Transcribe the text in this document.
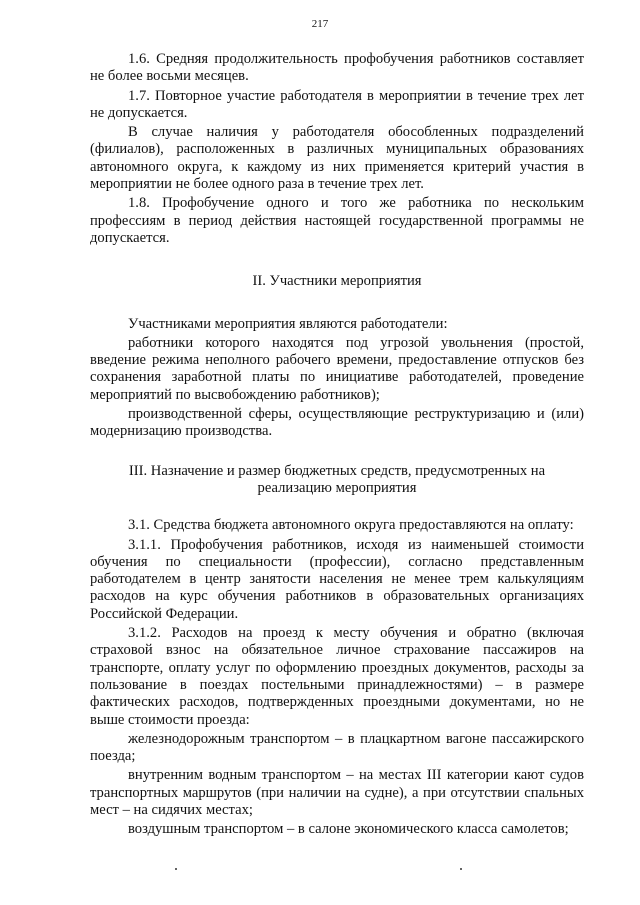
217

1.6. Средняя продолжительность профобучения работников составляет не более восьми месяцев.

1.7. Повторное участие работодателя в мероприятии в течение трех лет не допускается.

В случае наличия у работодателя обособленных подразделений (филиалов), расположенных в различных муниципальных образованиях автономного округа, к каждому из них применяется критерий участия в мероприятии не более одного раза в течение трех лет.

1.8. Профобучение одного и того же работника по нескольким профессиям в период действия настоящей государственной программы не допускается.

II. Участники мероприятия

Участниками мероприятия являются работодатели:

работники которого находятся под угрозой увольнения (простой, введение режима неполного рабочего времени, предоставление отпусков без сохранения заработной платы по инициативе работодателей, проведение мероприятий по высвобождению работников);

производственной сферы, осуществляющие реструктуризацию и (или) модернизацию производства.

III. Назначение и размер бюджетных средств, предусмотренных на
реализацию мероприятия

3.1. Средства бюджета автономного округа предоставляются на оплату:

3.1.1. Профобучения работников, исходя из наименьшей стоимости обучения по специальности (профессии), согласно представленным работодателем в центр занятости населения не менее трем калькуляциям расходов на курс обучения работников в образовательных организациях Российской Федерации.

3.1.2. Расходов на проезд к месту обучения и обратно (включая страховой взнос на обязательное личное страхование пассажиров на транспорте, оплату услуг по оформлению проездных документов, расходы за пользование в поездах постельными принадлежностями) – в размере фактических расходов, подтвержденных проездными документами, но не выше стоимости проезда:

железнодорожным транспортом – в плацкартном вагоне пассажирского поезда;

внутренним водным транспортом – на местах III категории кают судов транспортных маршрутов (при наличии на судне), а при отсутствии спальных мест – на сидячих местах;

воздушным транспортом – в салоне экономического класса самолетов;
